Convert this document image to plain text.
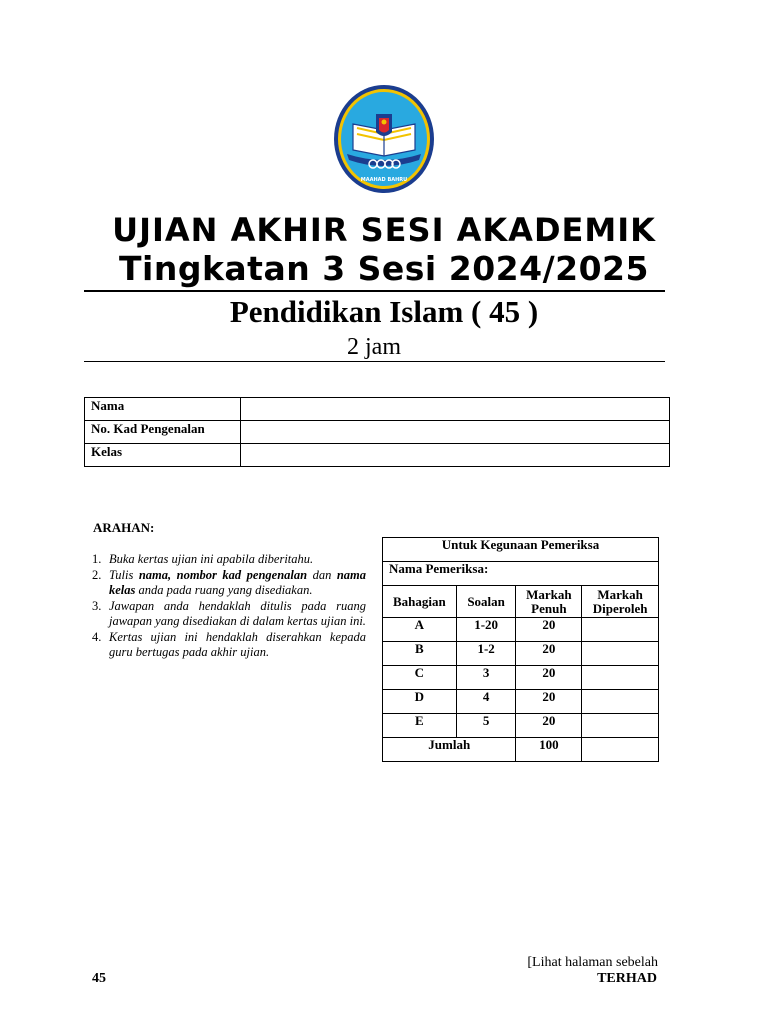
MAAHAD BAHRU
UJIAN AKHIR SESI AKADEMIK
Tingkatan 3 Sesi 2024/2025
Pendidikan Islam ( 45 )
2 jam
Nama	
No. Kad Pengenalan	
Kelas	
ARAHAN:
1. Buka kertas ujian ini apabila diberitahu.
2. Tulis nama, nombor kad pengenalan dan nama kelas anda pada ruang yang disediakan.
3. Jawapan anda hendaklah ditulis pada ruang jawapan yang disediakan di dalam kertas ujian ini.
4. Kertas ujian ini hendaklah diserahkan kepada guru bertugas pada akhir ujian.
Untuk Kegunaan Pemeriksa			
Nama Pemeriksa:			
Bahagian	Soalan	Markah Penuh	Markah Diperoleh
A	1-20	20	
B	1-2	20	
C	3	20	
D	4	20	
E	5	20	
Jumlah		100	
[Lihat halaman sebelah
45	TERHAD
